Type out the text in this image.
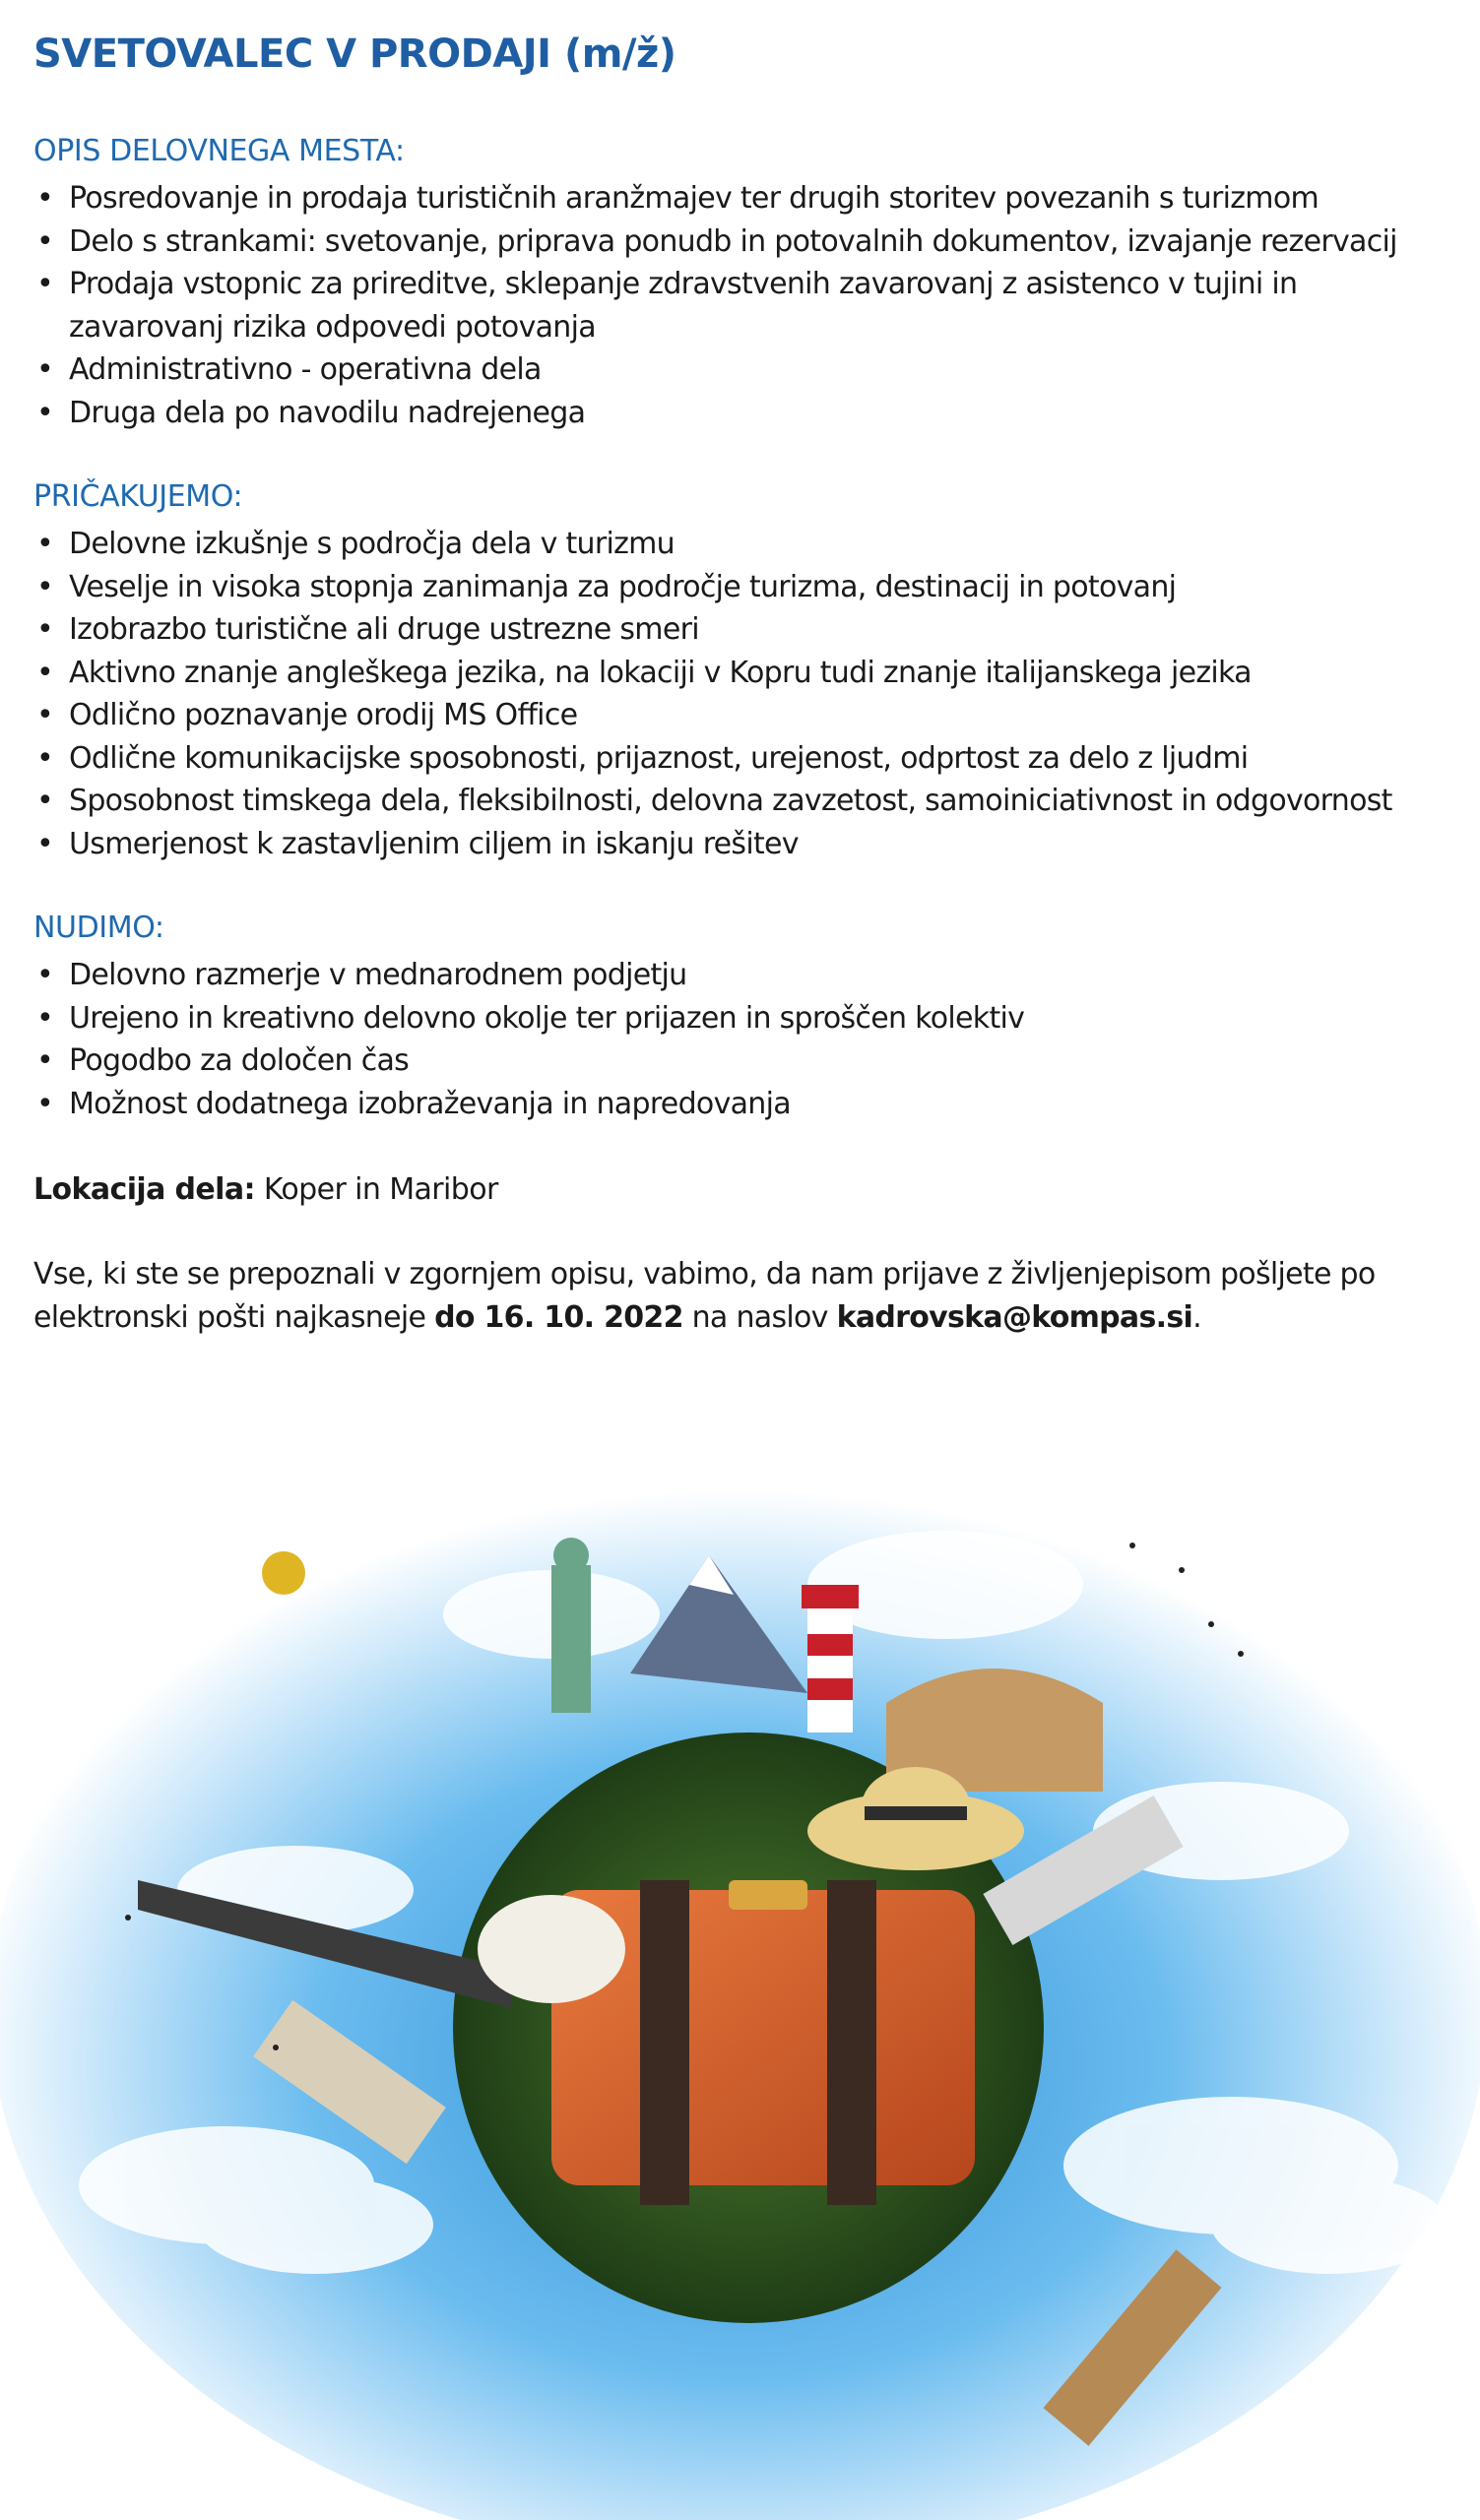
SVETOVALEC V PRODAJI (m/ž)
OPIS DELOVNEGA MESTA:
• Posredovanje in prodaja turističnih aranžmajev ter drugih storitev povezanih s turizmom
• Delo s strankami: svetovanje, priprava ponudb in potovalnih dokumentov, izvajanje rezervacij
• Prodaja vstopnic za prireditve, sklepanje zdravstvenih zavarovanj z asistenco v tujini in zavarovanj rizika odpovedi potovanja
• Administrativno - operativna dela
• Druga dela po navodilu nadrejenega
PRIČAKUJEMO:
• Delovne izkušnje s področja dela v turizmu
• Veselje in visoka stopnja zanimanja za področje turizma, destinacij in potovanj
• Izobrazbo turistične ali druge ustrezne smeri
• Aktivno znanje angleškega jezika, na lokaciji v Kopru tudi znanje italijanskega jezika
• Odlično poznavanje orodij MS Office
• Odlične komunikacijske sposobnosti, prijaznost, urejenost, odprtost za delo z ljudmi
• Sposobnost timskega dela, fleksibilnosti, delovna zavzetost, samoiniciativnost in odgovornost
• Usmerjenost k zastavljenim ciljem in iskanju rešitev
NUDIMO:
• Delovno razmerje v mednarodnem podjetju
• Urejeno in kreativno delovno okolje ter prijazen in sproščen kolektiv
• Pogodbo za določen čas
• Možnost dodatnega izobraževanja in napredovanja
Lokacija dela: Koper in Maribor
Vse, ki ste se prepoznali v zgornjem opisu, vabimo, da nam prijave z življenjepisom pošljete po elektronski pošti najkasneje do 16. 10. 2022 na naslov kadrovska@kompas.si.
